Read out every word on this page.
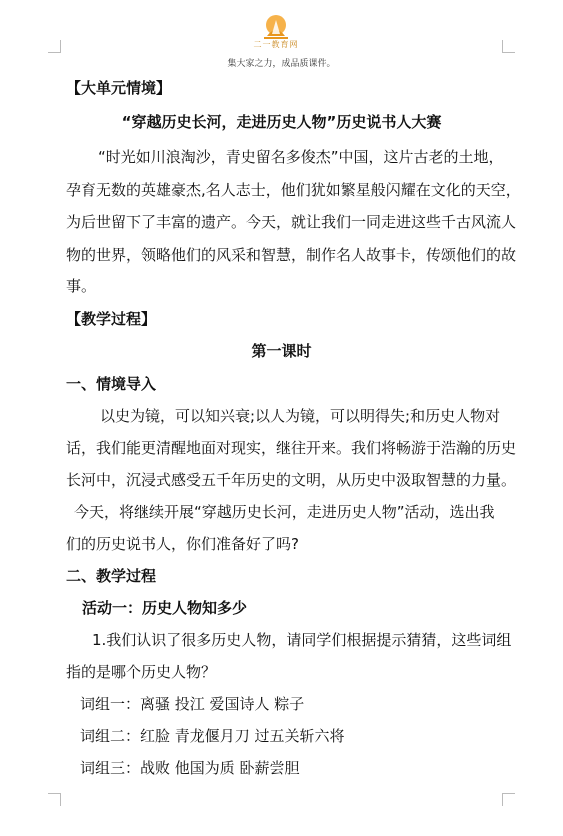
二一教育网
集大家之力，成品质课件。
【大单元情境】
“穿越历史长河，走进历史人物”历史说书人大赛
“时光如川浪淘沙，青史留名多俊杰”中国，这片古老的土地，
孕育无数的英雄豪杰,名人志士，他们犹如繁星般闪耀在文化的天空，
为后世留下了丰富的遗产。今天，就让我们一同走进这些千古风流人
物的世界，领略他们的风采和智慧，制作名人故事卡，传颂他们的故
事。
【教学过程】
第一课时
一、情境导入
以史为镜，可以知兴衰;以人为镜，可以明得失;和历史人物对
话，我们能更清醒地面对现实，继往开来。我们将畅游于浩瀚的历史
长河中，沉浸式感受五千年历史的文明，从历史中汲取智慧的力量。
今天，将继续开展“穿越历史长河，走进历史人物”活动，选出我
们的历史说书人，你们准备好了吗?
二、教学过程
活动一：历史人物知多少
1.我们认识了很多历史人物，请同学们根据提示猜猜，这些词组
指的是哪个历史人物？
词组一：离骚 投江 爱国诗人 粽子
词组二：红脸 青龙偃月刀 过五关斩六将
词组三：战败 他国为质 卧薪尝胆
